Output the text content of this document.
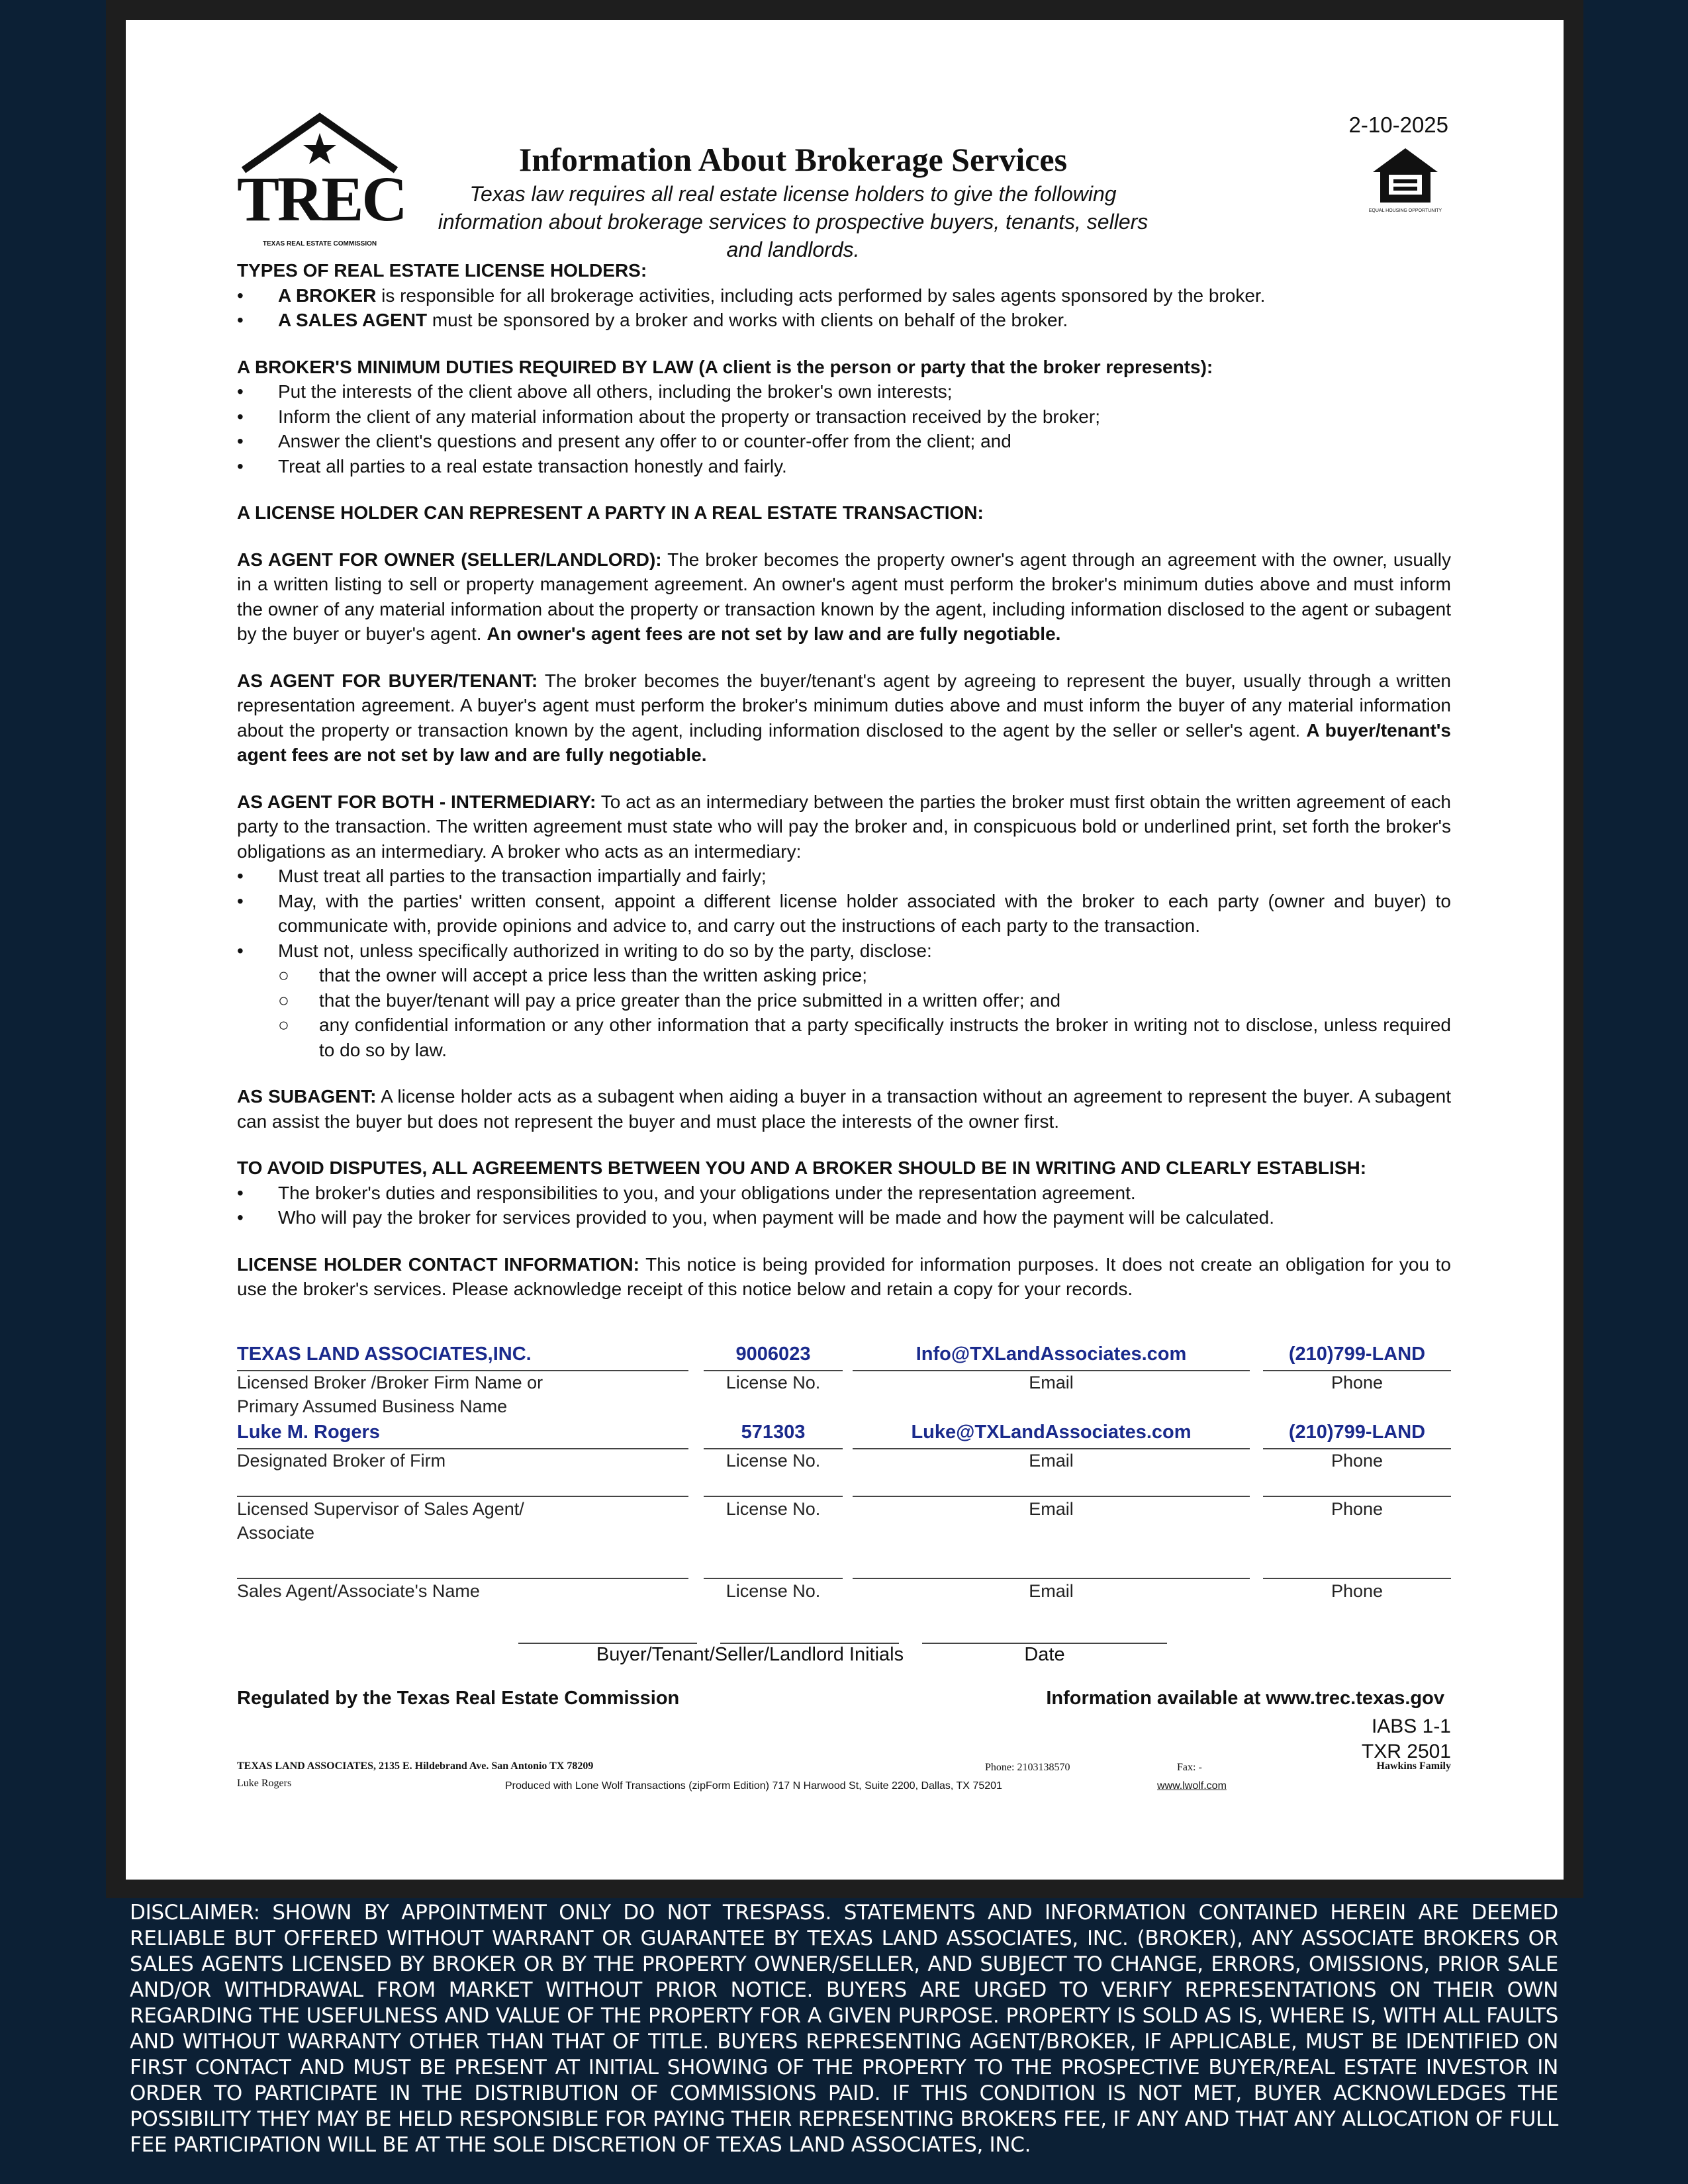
TREC
TEXAS REAL ESTATE COMMISSION
Information About Brokerage Services
Texas law requires all real estate license holders to give the following information about brokerage services to prospective buyers, tenants, sellers and landlords.
2-10-2025
EQUAL HOUSING OPPORTUNITY

TYPES OF REAL ESTATE LICENSE HOLDERS:

•	A BROKER is responsible for all brokerage activities, including acts performed by sales agents sponsored by the broker.
•	A SALES AGENT must be sponsored by a broker and works with clients on behalf of the broker.

A BROKER'S MINIMUM DUTIES REQUIRED BY LAW (A client is the person or party that the broker represents):

•	Put the interests of the client above all others, including the broker's own interests;
•	Inform the client of any material information about the property or transaction received by the broker;
•	Answer the client's questions and present any offer to or counter-offer from the client; and
•	Treat all parties to a real estate transaction honestly and fairly.

A LICENSE HOLDER CAN REPRESENT A PARTY IN A REAL ESTATE TRANSACTION:

AS AGENT FOR OWNER (SELLER/LANDLORD): The broker becomes the property owner's agent through an agreement with the owner, usually in a written listing to sell or property management agreement. An owner's agent must perform the broker's minimum duties above and must inform the owner of any material information about the property or transaction known by the agent, including information disclosed to the agent or subagent by the buyer or buyer's agent. An owner's agent fees are not set by law and are fully negotiable.

AS AGENT FOR BUYER/TENANT: The broker becomes the buyer/tenant's agent by agreeing to represent the buyer, usually through a written representation agreement. A buyer's agent must perform the broker's minimum duties above and must inform the buyer of any material information about the property or transaction known by the agent, including information disclosed to the agent by the seller or seller's agent. A buyer/tenant's agent fees are not set by law and are fully negotiable.

AS AGENT FOR BOTH - INTERMEDIARY: To act as an intermediary between the parties the broker must first obtain the written agreement of each party to the transaction. The written agreement must state who will pay the broker and, in conspicuous bold or underlined print, set forth the broker's obligations as an intermediary. A broker who acts as an intermediary:

•	Must treat all parties to the transaction impartially and fairly;
•	May, with the parties' written consent, appoint a different license holder associated with the broker to each party (owner and buyer) to communicate with, provide opinions and advice to, and carry out the instructions of each party to the transaction.
•	Must not, unless specifically authorized in writing to do so by the party, disclose:
○	that the owner will accept a price less than the written asking price;
○	that the buyer/tenant will pay a price greater than the price submitted in a written offer; and
○	any confidential information or any other information that a party specifically instructs the broker in writing not to disclose, unless required to do so by law.

AS SUBAGENT: A license holder acts as a subagent when aiding a buyer in a transaction without an agreement to represent the buyer. A subagent can assist the buyer but does not represent the buyer and must place the interests of the owner first.

TO AVOID DISPUTES, ALL AGREEMENTS BETWEEN YOU AND A BROKER SHOULD BE IN WRITING AND CLEARLY ESTABLISH:

•	The broker's duties and responsibilities to you, and your obligations under the representation agreement.
•	Who will pay the broker for services provided to you, when payment will be made and how the payment will be calculated.

LICENSE HOLDER CONTACT INFORMATION: This notice is being provided for information purposes. It does not create an obligation for you to use the broker's services. Please acknowledge receipt of this notice below and retain a copy for your records.

TEXAS LAND ASSOCIATES,INC.	9006023	Info@TXLandAssociates.com	(210)799-LAND
Licensed Broker /Broker Firm Name or Primary Assumed Business Name
License No.	Email	Phone
Luke M. Rogers	571303	Luke@TXLandAssociates.com	(210)799-LAND
Designated Broker of Firm	License No.	Email	Phone
Licensed Supervisor of Sales Agent/ Associate
License No.	Email	Phone
Sales Agent/Associate's Name	License No.	Email	Phone
Buyer/Tenant/Seller/Landlord Initials	Date
Regulated by the Texas Real Estate Commission	Information available at www.trec.texas.gov
IABS 1-1
TXR 2501
TEXAS LAND ASSOCIATES, 2135 E. Hildebrand Ave. San Antonio TX 78209	Phone: 2103138570	Fax: -	Hawkins Family
Luke Rogers	Produced with Lone Wolf Transactions (zipForm Edition) 717 N Harwood St, Suite 2200, Dallas, TX 75201	www.lwolf.com
DISCLAIMER: SHOWN BY APPOINTMENT ONLY DO NOT TRESPASS. STATEMENTS AND INFORMATION CONTAINED HEREIN ARE DEEMED RELIABLE BUT OFFERED WITHOUT WARRANT OR GUARANTEE BY TEXAS LAND ASSOCIATES, INC. (BROKER), ANY ASSOCIATE BROKERS OR SALES AGENTS LICENSED BY BROKER OR BY THE PROPERTY OWNER/SELLER, AND SUBJECT TO CHANGE, ERRORS, OMISSIONS, PRIOR SALE AND/OR WITHDRAWAL FROM MARKET WITHOUT PRIOR NOTICE. BUYERS ARE URGED TO VERIFY REPRESENTATIONS ON THEIR OWN REGARDING THE USEFULNESS AND VALUE OF THE PROPERTY FOR A GIVEN PURPOSE. PROPERTY IS SOLD AS IS, WHERE IS, WITH ALL FAULTS AND WITHOUT WARRANTY OTHER THAN THAT OF TITLE. BUYERS REPRESENTING AGENT/BROKER, IF APPLICABLE, MUST BE IDENTIFIED ON FIRST CONTACT AND MUST BE PRESENT AT INITIAL SHOWING OF THE PROPERTY TO THE PROSPECTIVE BUYER/REAL ESTATE INVESTOR IN ORDER TO PARTICIPATE IN THE DISTRIBUTION OF COMMISSIONS PAID. IF THIS CONDITION IS NOT MET, BUYER ACKNOWLEDGES THE POSSIBILITY THEY MAY BE HELD RESPONSIBLE FOR PAYING THEIR REPRESENTING BROKERS FEE, IF ANY AND THAT ANY ALLOCATION OF FULL FEE PARTICIPATION WILL BE AT THE SOLE DISCRETION OF TEXAS LAND ASSOCIATES, INC.
